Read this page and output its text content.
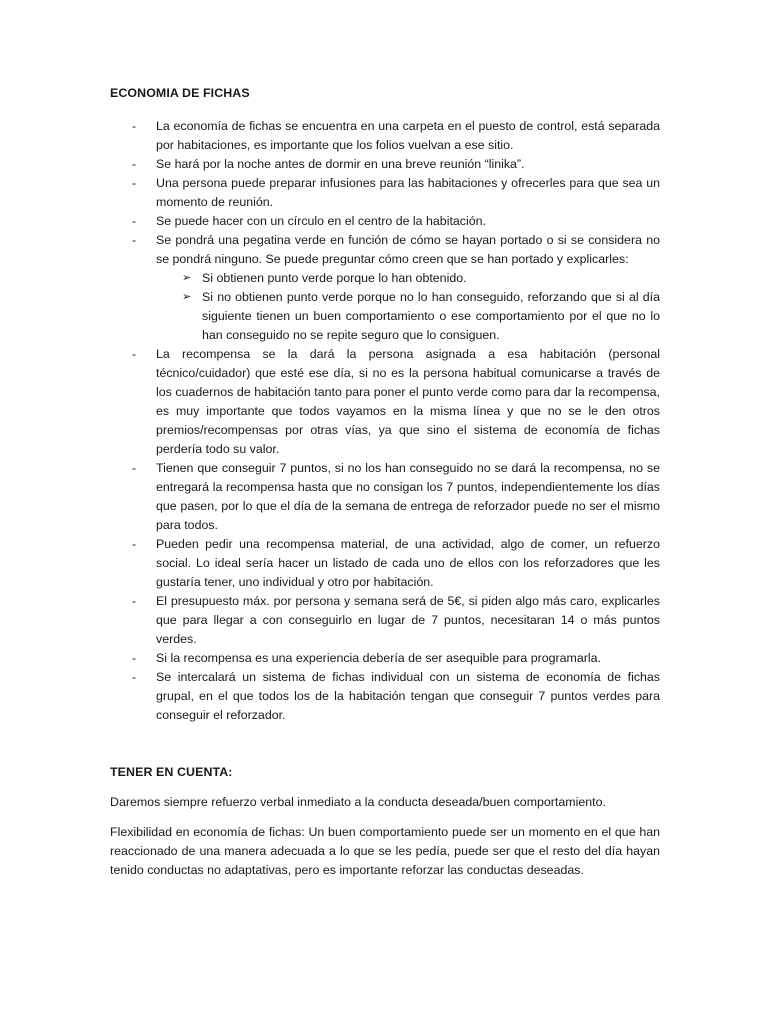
ECONOMIA DE FICHAS
- La economía de fichas se encuentra en una carpeta en el puesto de control, está separada por habitaciones, es importante que los folios vuelvan a ese sitio.
- Se hará por la noche antes de dormir en una breve reunión “linika”.
- Una persona puede preparar infusiones para las habitaciones y ofrecerles para que sea un momento de reunión.
- Se puede hacer con un círculo en el centro de la habitación.
- Se pondrá una pegatina verde en función de cómo se hayan portado o si se considera no se pondrá ninguno. Se puede preguntar cómo creen que se han portado y explicarles:
➢ Si obtienen punto verde porque lo han obtenido.
➢ Si no obtienen punto verde porque no lo han conseguido, reforzando que si al día siguiente tienen un buen comportamiento o ese comportamiento por el que no lo han conseguido no se repite seguro que lo consiguen.
- La recompensa se la dará la persona asignada a esa habitación (personal técnico/cuidador) que esté ese día, si no es la persona habitual comunicarse a través de los cuadernos de habitación tanto para poner el punto verde como para dar la recompensa, es muy importante que todos vayamos en la misma línea y que no se le den otros premios/recompensas por otras vías, ya que sino el sistema de economía de fichas perdería todo su valor.
- Tienen que conseguir 7 puntos, si no los han conseguido no se dará la recompensa, no se entregará la recompensa hasta que no consigan los 7 puntos, independientemente los días que pasen, por lo que el día de la semana de entrega de reforzador puede no ser el mismo para todos.
- Pueden pedir una recompensa material, de una actividad, algo de comer, un refuerzo social. Lo ideal sería hacer un listado de cada uno de ellos con los reforzadores que les gustaría tener, uno individual y otro por habitación.
- El presupuesto máx. por persona y semana será de 5€, si piden algo más caro, explicarles que para llegar a con conseguirlo en lugar de 7 puntos, necesitaran 14 o más puntos verdes.
- Si la recompensa es una experiencia debería de ser asequible para programarla.
- Se intercalará un sistema de fichas individual con un sistema de economía de fichas grupal, en el que todos los de la habitación tengan que conseguir 7 puntos verdes para conseguir el reforzador.
TENER EN CUENTA:

Daremos siempre refuerzo verbal inmediato a la conducta deseada/buen comportamiento.

Flexibilidad en economía de fichas: Un buen comportamiento puede ser un momento en el que han reaccionado de una manera adecuada a lo que se les pedía, puede ser que el resto del día hayan tenido conductas no adaptativas, pero es importante reforzar las conductas deseadas.
